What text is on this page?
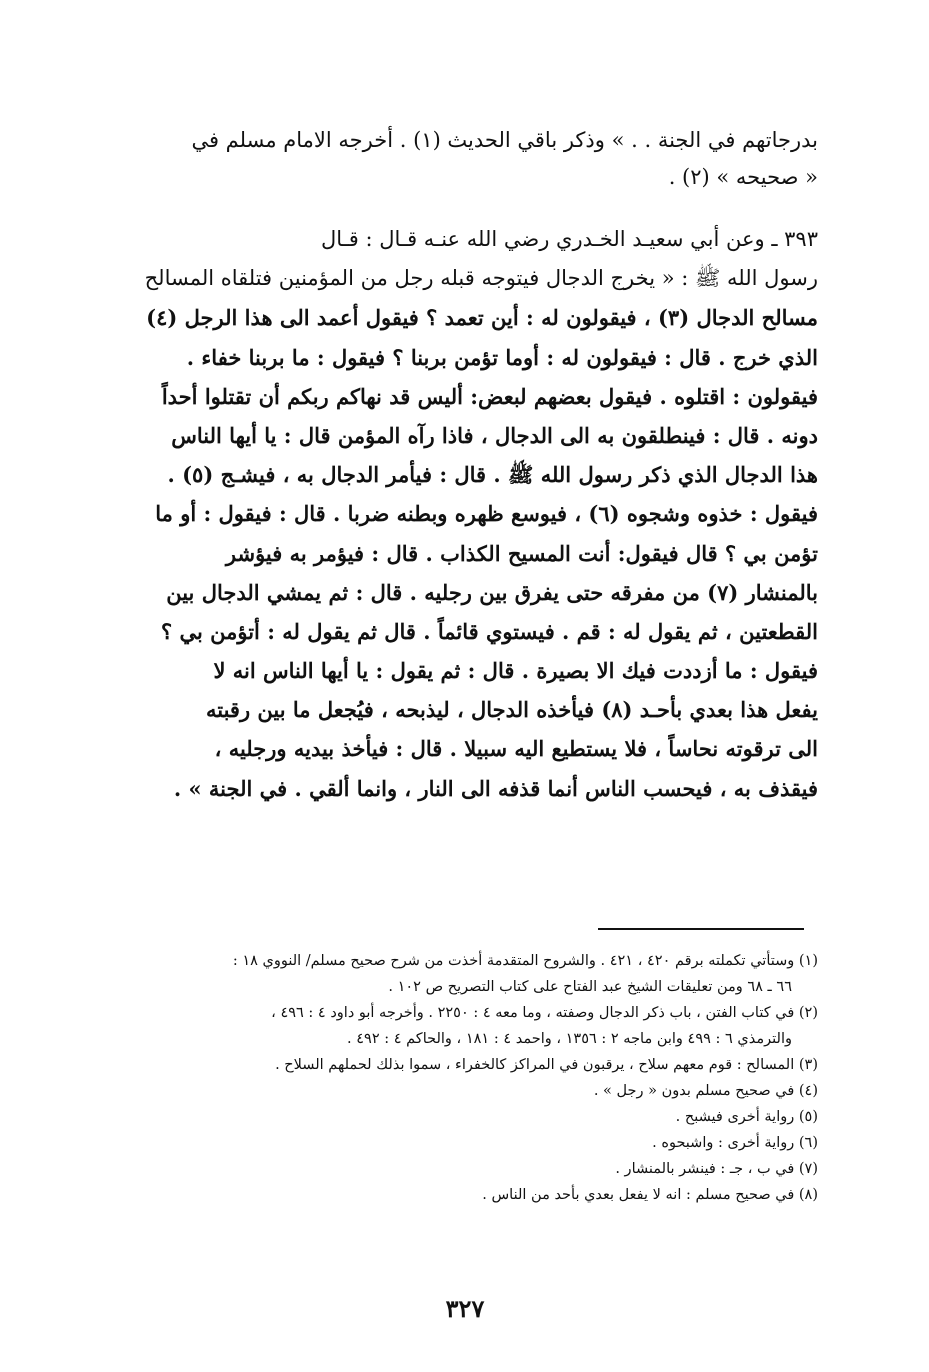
بدرجاتهم في الجنة . . » وذكر باقي الحديث (١) . أخرجه الامام مسلم في
« صحيحه » (٢) .
٣٩٣ ـ وعن أبي سعيـد الخـدري رضي الله عنـه قـال : قـال
رسول الله ﷺ : « يخرج الدجال فيتوجه قبله رجل من المؤمنين فتلقاه المسالح
مسالح الدجال (٣) ، فيقولون له : أين تعمد ؟ فيقول أعمد الى هذا الرجل (٤)
الذي خرج . قال : فيقولون له : أوما تؤمن بربنا ؟ فيقول : ما بربنا خفاء .
فيقولون : اقتلوه . فيقول بعضهم لبعض: أليس قد نهاكم ربكم أن تقتلوا أحداً
دونه . قال : فينطلقون به الى الدجال ، فاذا رآه المؤمن قال : يا أيها الناس
هذا الدجال الذي ذكر رسول الله ﷺ . قال : فيأمر الدجال به ، فيشـج (٥) .
فيقول : خذوه وشجوه (٦) ، فيوسع ظهره وبطنه ضربا . قال : فيقول : أو ما
تؤمن بي ؟ قال فيقول: أنت المسيح الكذاب . قال : فيؤمر به فيؤشر
بالمنشار (٧) من مفرقه حتى يفرق بين رجليه . قال : ثم يمشي الدجال بين
القطعتين ، ثم يقول له : قم . فيستوي قائماً . قال ثم يقول له : أتؤمن بي ؟
فيقول : ما أزددت فيك الا بصيرة . قال : ثم يقول : يا أيها الناس انه لا
يفعل هذا بعدي بأحـد (٨) فيأخذه الدجال ، ليذبحه ، فيُجعل ما بين رقبته
الى ترقوته نحاساً ، فلا يستطيع اليه سبيلا . قال : فيأخذ بيديه ورجليه ،
فيقذف به ، فيحسب الناس أنما قذفه الى النار ، وانما ألقي . في الجنة » .
(١) وستأتي تكملته برقم ٤٢٠ ، ٤٢١ . والشروح المتقدمة أخذت من شرح صحيح مسلم/ النووي ١٨ :
٦٦ ـ ٦٨ ومن تعليقات الشيخ عبد الفتاح على كتاب التصريح ص ١٠٢ .
(٢) في كتاب الفتن ، باب ذكر الدجال وصفته ، وما معه ٤ : ٢٢٥٠ . وأخرجه أبو داود ٤ : ٤٩٦ ،
والترمذي ٦ : ٤٩٩ وابن ماجه ٢ : ١٣٥٦ ، واحمد ٤ : ١٨١ ، والحاكم ٤ : ٤٩٢ .
(٣) المسالح : قوم معهم سلاح ، يرقبون في المراكز كالخفراء ، سموا بذلك لحملهم السلاح .
(٤) في صحيح مسلم بدون « رجل » .
(٥) رواية أخرى فيشبح .
(٦) رواية أخرى : واشبحوه .
(٧) في ب ، جـ : فينشر بالمنشار .
(٨) في صحيح مسلم : انه لا يفعل بعدي بأحد من الناس .
٣٢٧
